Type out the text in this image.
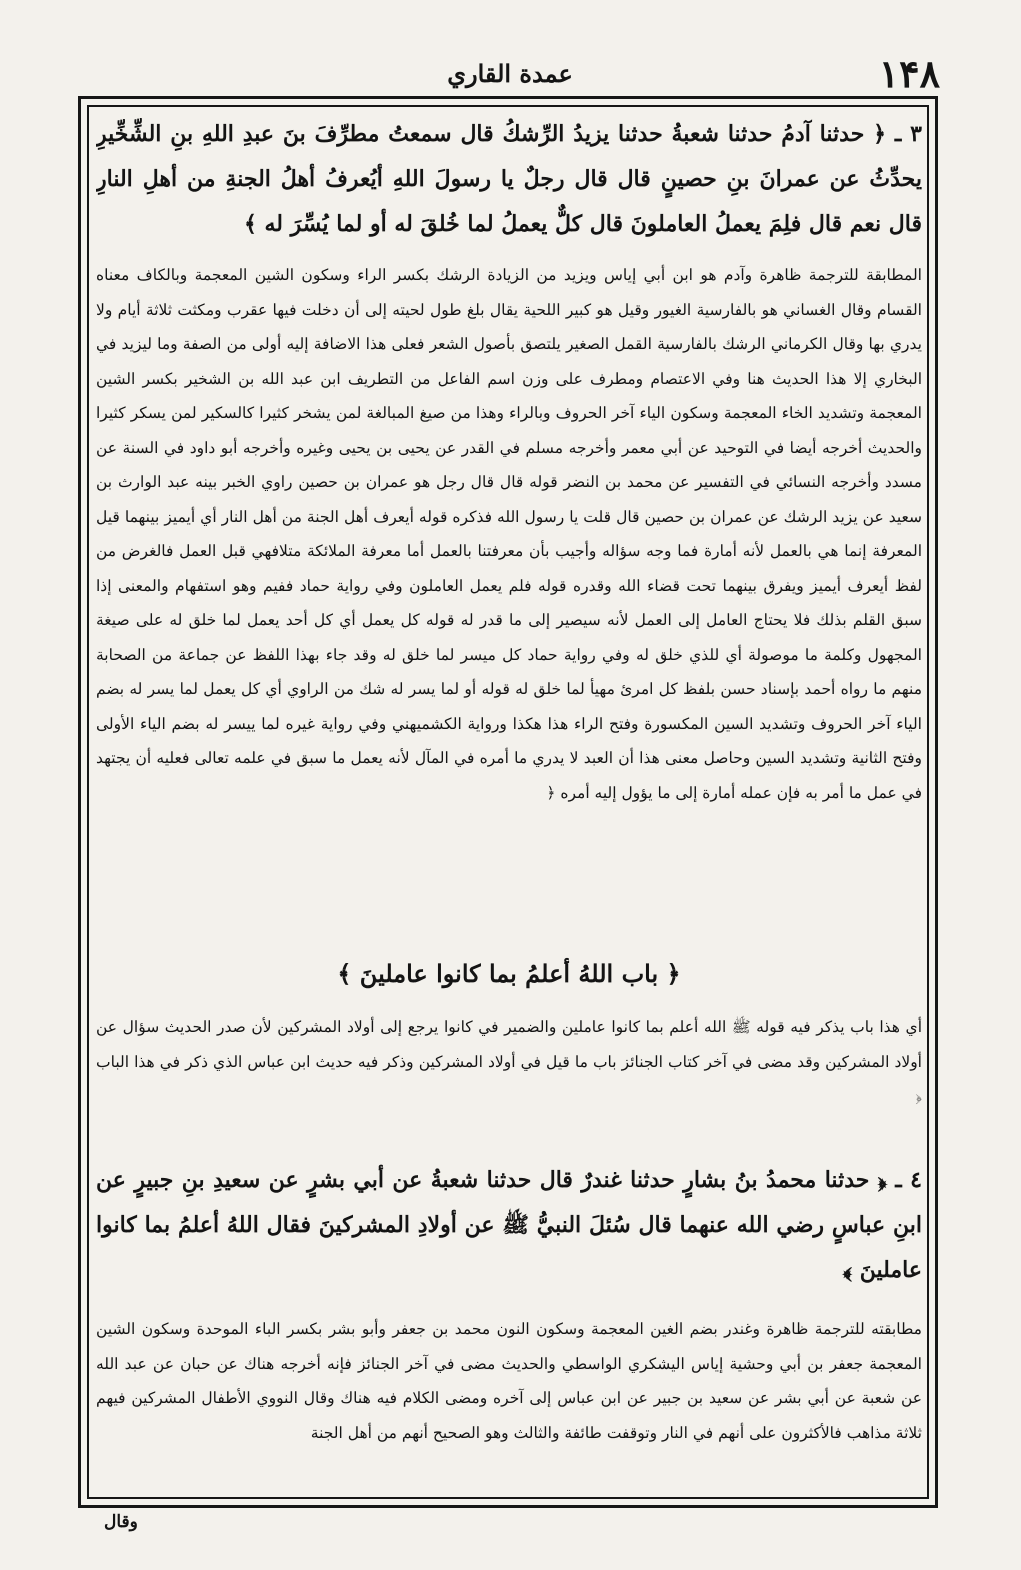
عمدة القاري	۱۴۸

۳ ـ ﴿ حدثنا آدمُ حدثنا شعبةُ حدثنا يزيدُ الرِّشكُ قال سمعتُ مطرِّفَ بنَ عبدِ اللهِ بنِ الشِّخِّيرِ يحدِّثُ عن عمرانَ بنِ حصينٍ قال قال رجلٌ يا رسولَ اللهِ أيُعرفُ أهلُ الجنةِ من أهلِ النارِ قال نعم قال فلِمَ يعملُ العاملونَ قال كلٌّ يعملُ لما خُلقَ له أو لما يُسِّرَ له ﴾

المطابقة للترجمة ظاهرة وآدم هو ابن أبي إياس ويزيد من الزيادة الرشك بكسر الراء وسكون الشين المعجمة وبالكاف معناه القسام وقال الغساني هو بالفارسية الغيور وقيل هو كبير اللحية يقال بلغ طول لحيته إلى أن دخلت فيها عقرب ومكثت ثلاثة أيام ولا يدري بها وقال الكرماني الرشك بالفارسية القمل الصغير يلتصق بأصول الشعر فعلى هذا الاضافة إليه أولى من الصفة وما ليزيد في البخاري إلا هذا الحديث هنا وفي الاعتصام ومطرف على وزن اسم الفاعل من التطريف ابن عبد الله بن الشخير بكسر الشين المعجمة وتشديد الخاء المعجمة وسكون الياء آخر الحروف وبالراء وهذا من صيغ المبالغة لمن يشخر كثيرا كالسكير لمن يسكر كثيرا والحديث أخرجه أيضا في التوحيد عن أبي معمر وأخرجه مسلم في القدر عن يحيى بن يحيى وغيره وأخرجه أبو داود في السنة عن مسدد وأخرجه النسائي في التفسير عن محمد بن النضر قوله قال قال رجل هو عمران بن حصين راوي الخبر بينه عبد الوارث بن سعيد عن يزيد الرشك عن عمران بن حصين قال قلت يا رسول الله فذكره قوله أيعرف أهل الجنة من أهل النار أي أيميز بينهما قيل المعرفة إنما هي بالعمل لأنه أمارة فما وجه سؤاله وأجيب بأن معرفتنا بالعمل أما معرفة الملائكة متلافهي قبل العمل فالغرض من لفظ أيعرف أيميز ويفرق بينهما تحت قضاء الله وقدره قوله فلم يعمل العاملون وفي رواية حماد ففيم وهو استفهام والمعنى إذا سبق القلم بذلك فلا يحتاج العامل إلى العمل لأنه سيصير إلى ما قدر له قوله كل يعمل أي كل أحد يعمل لما خلق له على صيغة المجهول وكلمة ما موصولة أي للذي خلق له وفي رواية حماد كل ميسر لما خلق له وقد جاء بهذا اللفظ عن جماعة من الصحابة منهم ما رواه أحمد بإسناد حسن بلفظ كل امرئ مهيأ لما خلق له قوله أو لما يسر له شك من الراوي أي كل يعمل لما يسر له بضم الياء آخر الحروف وتشديد السين المكسورة وفتح الراء هذا هكذا ورواية الكشميهني وفي رواية غيره لما ييسر له بضم الياء الأولى وفتح الثانية وتشديد السين وحاصل معنى هذا أن العبد لا يدري ما أمره في المآل لأنه يعمل ما سبق في علمه تعالى فعليه أن يجتهد في عمل ما أمر به فإن عمله أمارة إلى ما يؤول إليه أمره ﴿

﴿ باب اللهُ أعلمُ بما كانوا عاملينَ ﴾

أي هذا باب يذكر فيه قوله ﷺ الله أعلم بما كانوا عاملين والضمير في كانوا يرجع إلى أولاد المشركين لأن صدر الحديث سؤال عن أولاد المشركين وقد مضى في آخر كتاب الجنائز باب ما قيل في أولاد المشركين وذكر فيه حديث ابن عباس الذي ذكر في هذا الباب ﴿

٤ ـ ﴿ حدثنا محمدُ بنُ بشارٍ حدثنا غندرٌ قال حدثنا شعبةُ عن أبي بشرٍ عن سعيدِ بنِ جبيرٍ عن ابنِ عباسٍ رضي الله عنهما قال سُئلَ النبيُّ ﷺ عن أولادِ المشركينَ فقال اللهُ أعلمُ بما كانوا عاملينَ ﴾

مطابقته للترجمة ظاهرة وغندر بضم الغين المعجمة وسكون النون محمد بن جعفر وأبو بشر بكسر الباء الموحدة وسكون الشين المعجمة جعفر بن أبي وحشية إياس اليشكري الواسطي والحديث مضى في آخر الجنائز فإنه أخرجه هناك عن حبان عن عبد الله عن شعبة عن أبي بشر عن سعيد بن جبير عن ابن عباس إلى آخره ومضى الكلام فيه هناك وقال النووي الأطفال المشركين فيهم ثلاثة مذاهب فالأكثرون على أنهم في النار وتوقفت طائفة والثالث وهو الصحيح أنهم من أهل الجنة

وقال
